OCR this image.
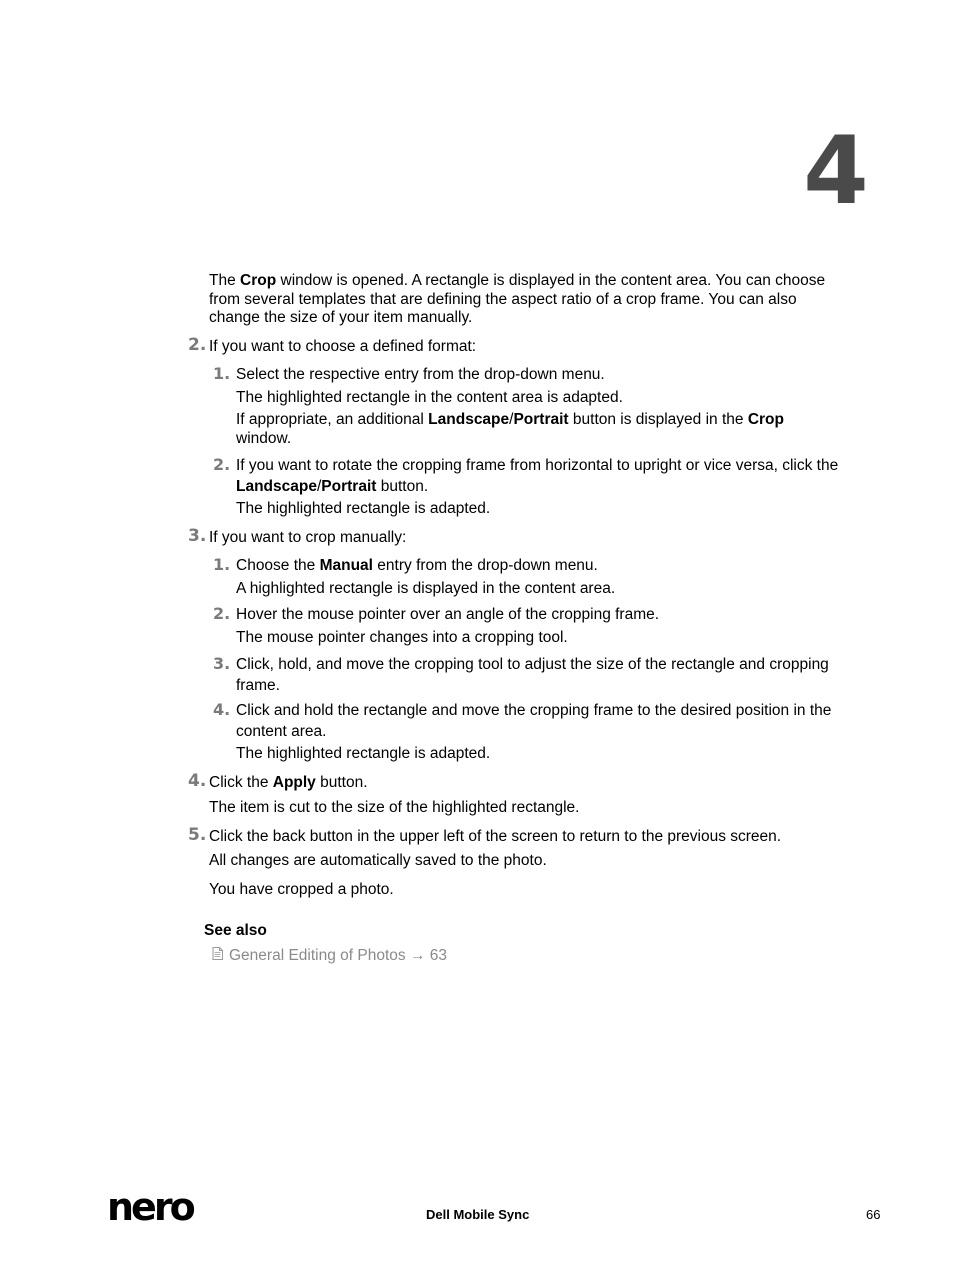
4
The Crop window is opened. A rectangle is displayed in the content area. You can choose
from several templates that are defining the aspect ratio of a crop frame. You can also
change the size of your item manually.
2. If you want to choose a defined format:
1. Select the respective entry from the drop-down menu.
The highlighted rectangle in the content area is adapted.
If appropriate, an additional Landscape/Portrait button is displayed in the Crop
window.
2. If you want to rotate the cropping frame from horizontal to upright or vice versa, click the
Landscape/Portrait button.
The highlighted rectangle is adapted.
3. If you want to crop manually:
1. Choose the Manual entry from the drop-down menu.
A highlighted rectangle is displayed in the content area.
2. Hover the mouse pointer over an angle of the cropping frame.
The mouse pointer changes into a cropping tool.
3. Click, hold, and move the cropping tool to adjust the size of the rectangle and cropping
frame.
4. Click and hold the rectangle and move the cropping frame to the desired position in the
content area.
The highlighted rectangle is adapted.
4. Click the Apply button.
The item is cut to the size of the highlighted rectangle.
5. Click the back button in the upper left of the screen to return to the previous screen.
All changes are automatically saved to the photo.
You have cropped a photo.
See also
General Editing of Photos → 63
nero	Dell Mobile Sync	66
